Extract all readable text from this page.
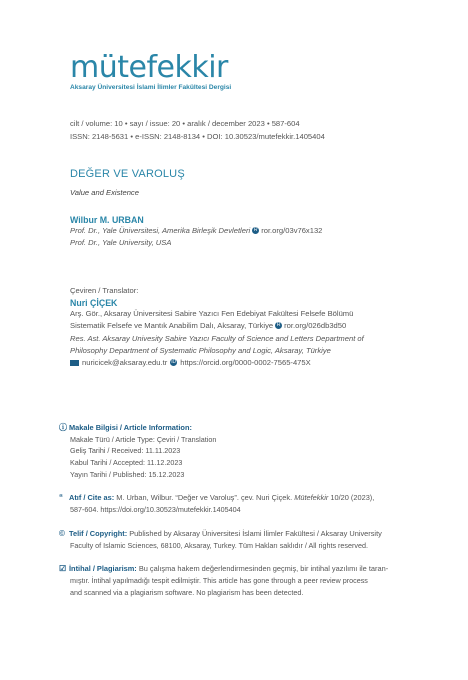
mütefekkir
Aksaray Üniversitesi İslami İlimler Fakültesi Dergisi
cilt / volume: 10 • sayı / issue: 20 • aralık / december 2023 • 587-604
ISSN: 2148-5631 • e-ISSN: 2148-8134 • DOI: 10.30523/mutefekkir.1405404
DEĞER VE VAROLUŞ
Value and Existence
Wilbur M. URBAN
Prof. Dr., Yale Üniversitesi, Amerika Birleşik Devletleri R ror.org/03v76x132
Prof. Dr., Yale University, USA
Çeviren / Translator:
Nuri ÇİÇEK
Arş. Gör., Aksaray Üniversitesi Sabire Yazıcı Fen Edebiyat Fakültesi Felsefe Bölümü
Sistematik Felsefe ve Mantık Anabilim Dalı, Aksaray, Türkiye R ror.org/026db3d50
Res. Ast. Aksaray Univesity Sabire Yazıcı Faculty of Science and Letters Department of
Philosophy Department of Systematic Philosophy and Logic, Aksaray, Türkiye
nuricicek@aksaray.edu.tr iD https://orcid.org/0000-0002-7565-475X
ⓘ Makale Bilgisi / Article Information:
Makale Türü / Article Type: Çeviri / Translation
Geliş Tarihi / Received: 11.11.2023
Kabul Tarihi / Accepted: 11.12.2023
Yayın Tarihi / Published: 15.12.2023
“ Atıf / Cite as: M. Urban, Wilbur. “Değer ve Varoluş”. çev. Nuri Çiçek. Mütefekkir 10/20 (2023),
587-604. https://doi.org/10.30523/mutefekkir.1405404
© Telif / Copyright: Published by Aksaray Üniversitesi İslami İlimler Fakültesi / Aksaray University
Faculty of Islamic Sciences, 68100, Aksaray, Turkey. Tüm Hakları saklıdır / All rights reserved.
☑ İntihal / Plagiarism: Bu çalışma hakem değerlendirmesinden geçmiş, bir intihal yazılımı ile taran-
mıştır. İntihal yapılmadığı tespit edilmiştir. This article has gone through a peer review process
and scanned via a plagiarism software. No plagiarism has been detected.
